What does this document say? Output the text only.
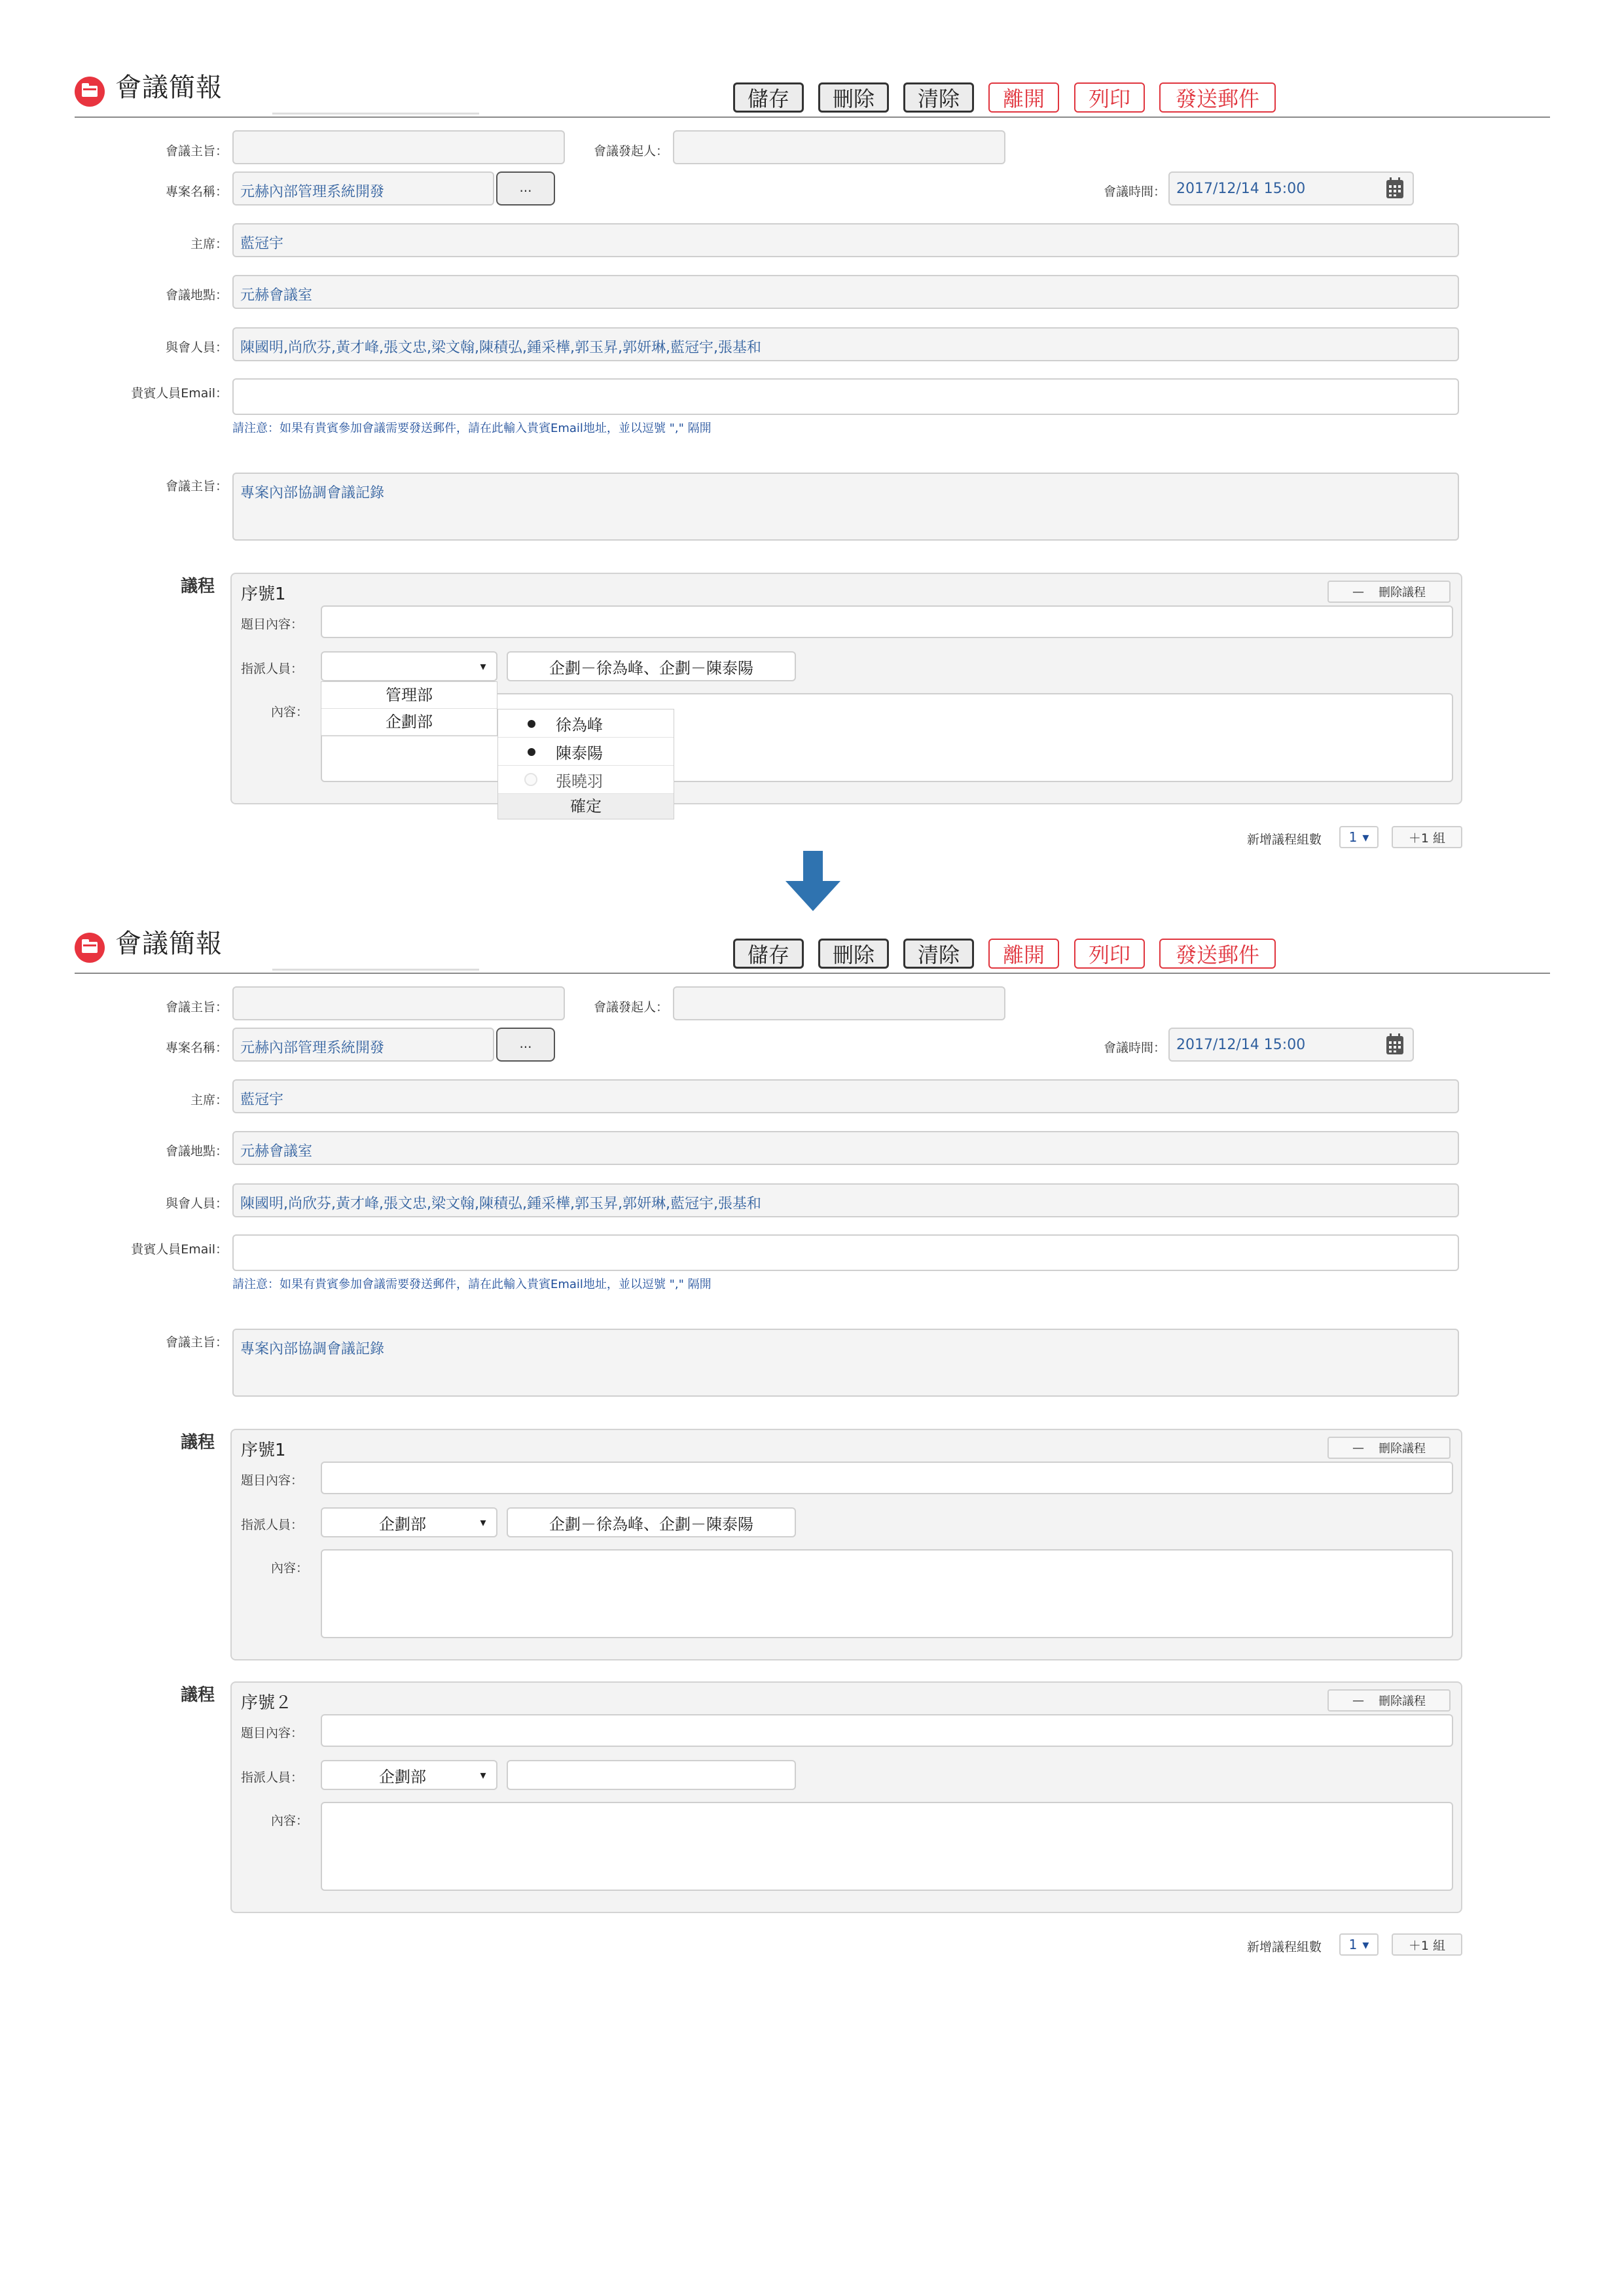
會議簡報	儲存	刪除	清除	離開	列印	發送郵件
會議主旨：	會議發起人：
專案名稱： 元赫內部管理系統開發	...	會議時間： 2017/12/14 15:00
主席： 藍冠宇
會議地點： 元赫會議室
與會人員： 陳國明,尚欣芬,黃才峰,張文忠,梁文翰,陳積弘,鍾采樺,郭玉昇,郭妍琳,藍冠宇,張基和
貴賓人員Email：
請注意：如果有貴賓參加會議需要發送郵件，請在此輸入貴賓Email地址，並以逗號 "," 隔開
會議主旨： 專案內部協調會議記錄
議程 序號1	— 刪除議程
題目內容：
指派人員：	▾	企劃－徐為峰、企劃－陳泰陽
內容：
管理部
企劃部	徐為峰
陳泰陽
張曉羽
確定
新增議程組數 1 ▾	＋1 組
會議簡報	儲存	刪除	清除	離開	列印	發送郵件
會議主旨：	會議發起人：
專案名稱： 元赫內部管理系統開發	...	會議時間： 2017/12/14 15:00
主席： 藍冠宇
會議地點： 元赫會議室
與會人員： 陳國明,尚欣芬,黃才峰,張文忠,梁文翰,陳積弘,鍾采樺,郭玉昇,郭妍琳,藍冠宇,張基和
貴賓人員Email：
請注意：如果有貴賓參加會議需要發送郵件，請在此輸入貴賓Email地址，並以逗號 "," 隔開
會議主旨： 專案內部協調會議記錄
議程 序號1	— 刪除議程
題目內容：
指派人員：	企劃部	▾	企劃－徐為峰、企劃－陳泰陽
內容：
議程 序號２	— 刪除議程
題目內容：
指派人員：	企劃部	▾
內容：
新增議程組數 1 ▾	＋1 組
